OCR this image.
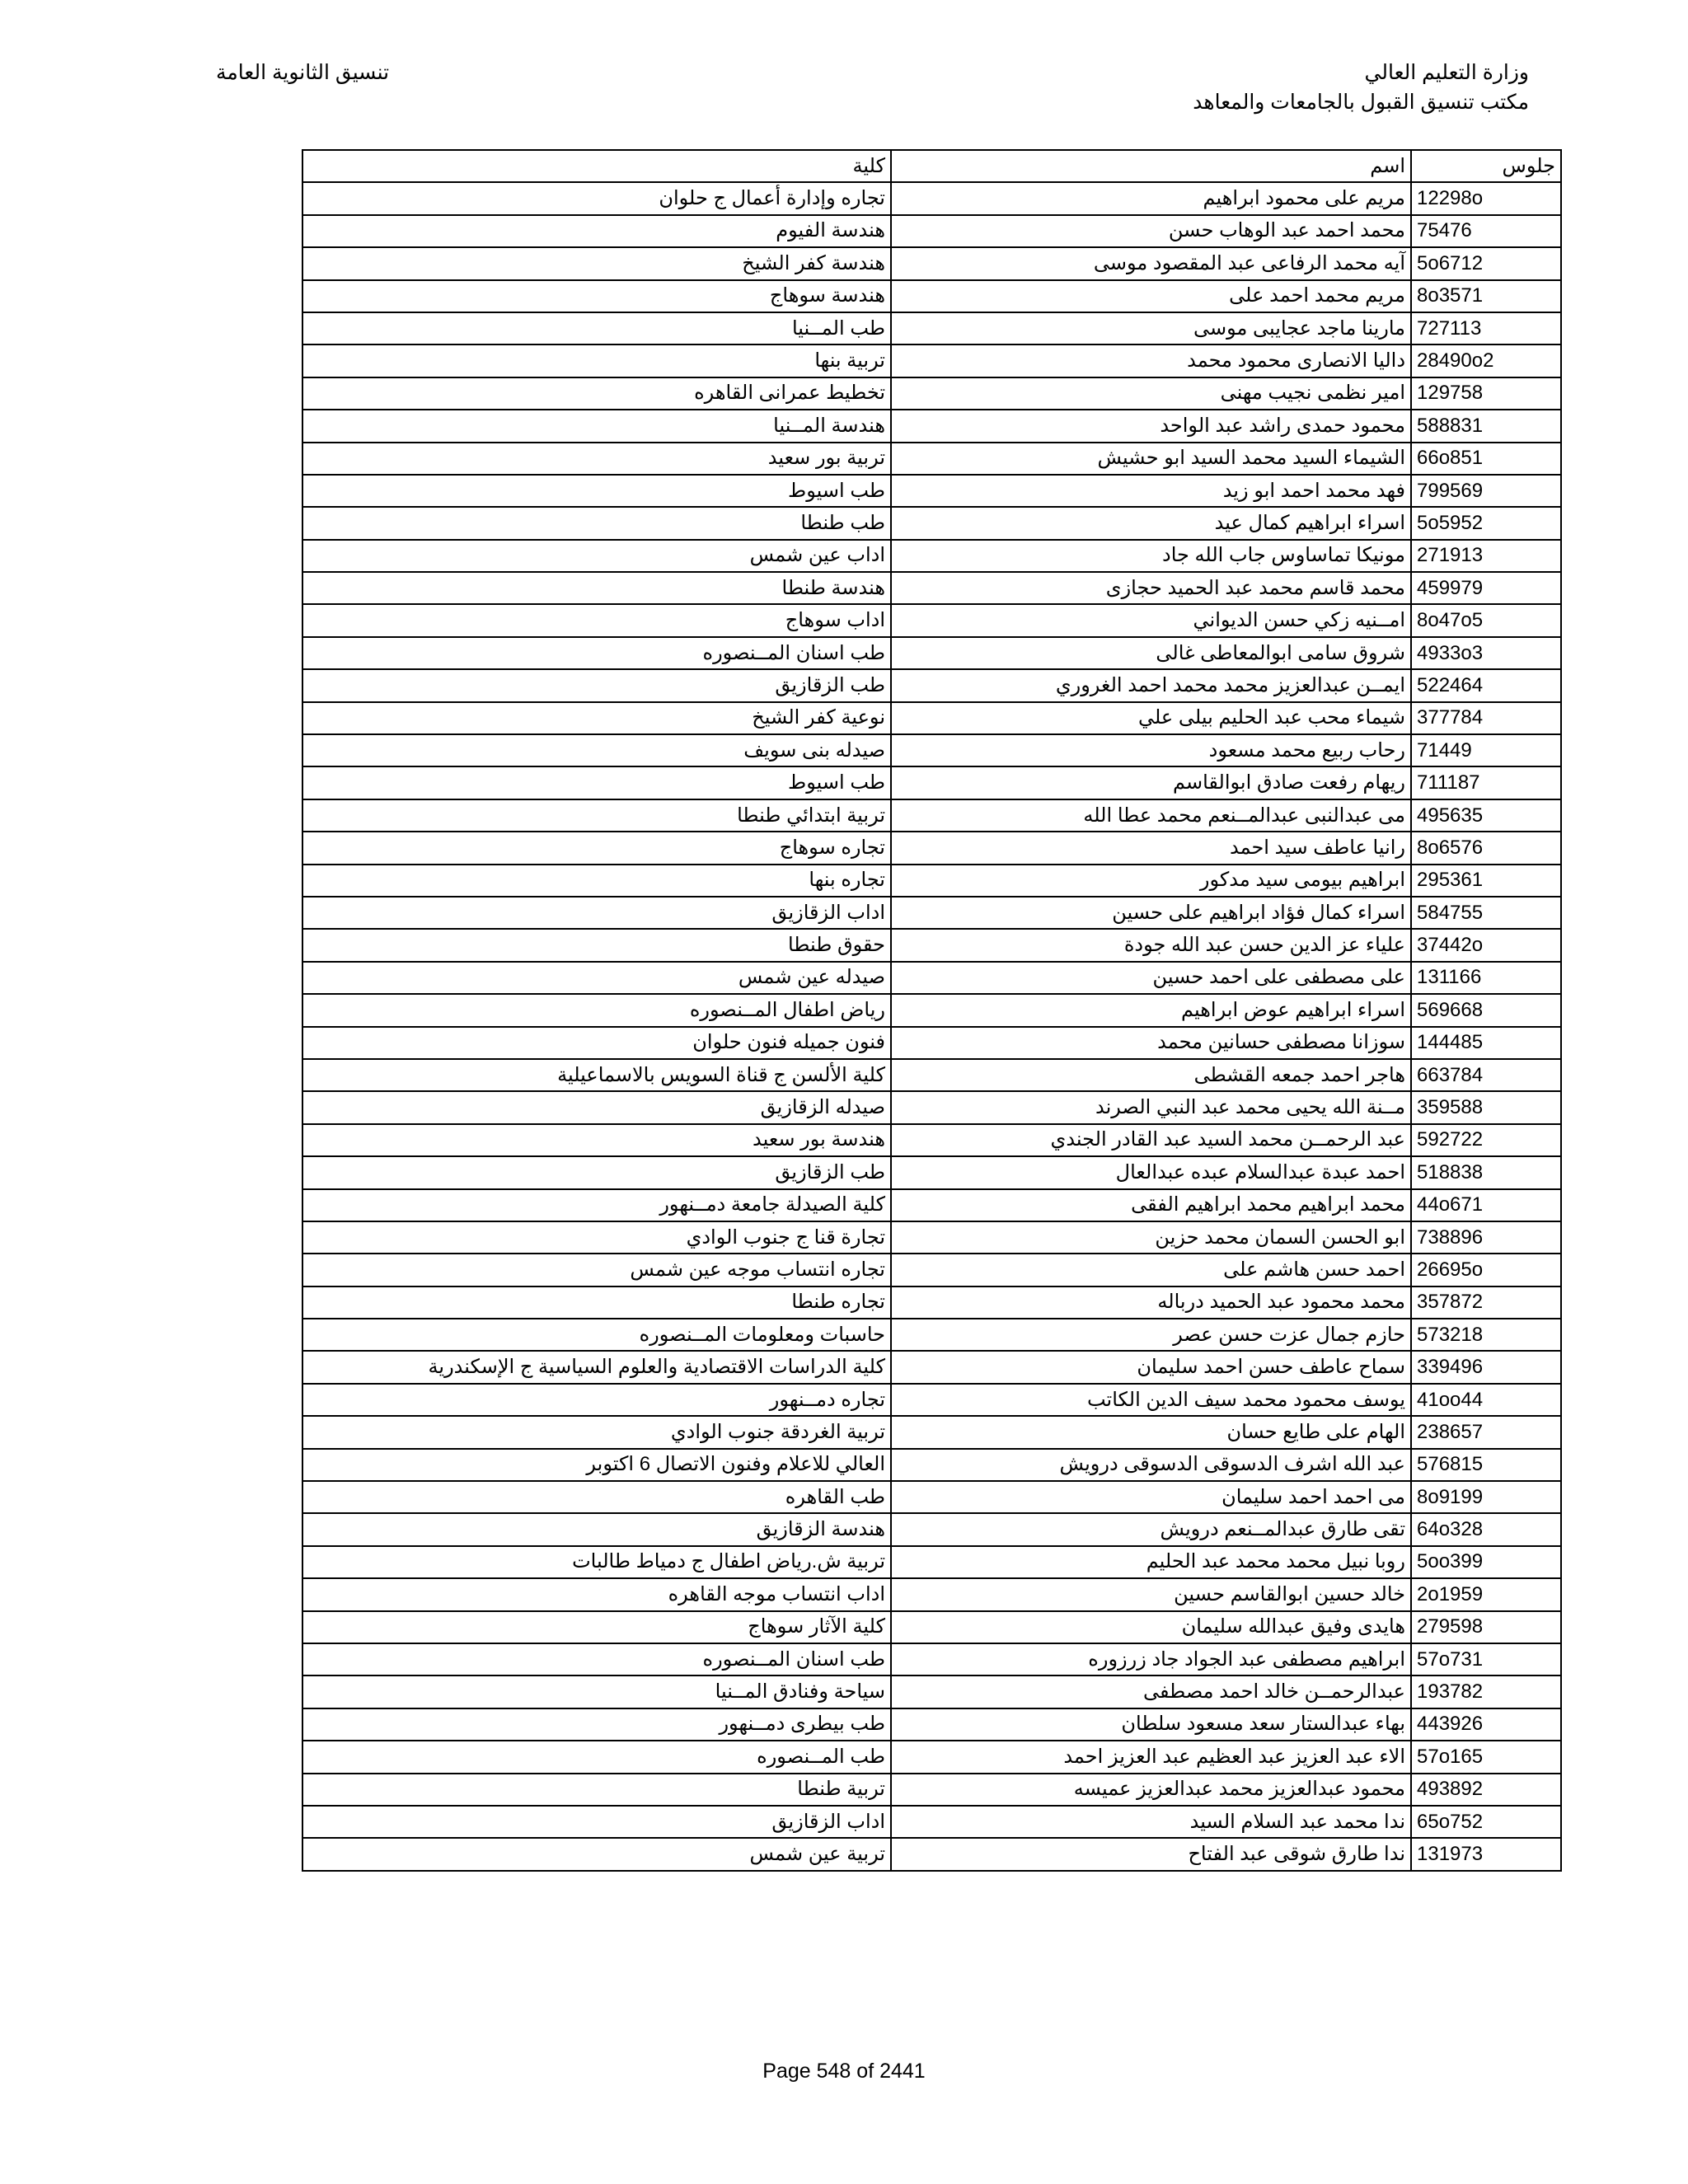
وزارة التعليم العالي
مكتب تنسيق القبول بالجامعات والمعاهد
تنسيق الثانوية العامة
كلية	اسم	جلوس
تجاره وإدارة أعمال ج حلوان	مريم على محمود ابراهيم	12298o
هندسة الفيوم	محمد احمد عبد الوهاب حسن	75476
هندسة كفر الشيخ	آيه محمد الرفاعى عبد المقصود موسى	5o6712
هندسة سوهاج	مريم محمد احمد على	8o3571
طب المــنيا	مارينا ماجد عجايبى موسى	727113
تربية بنها	داليا الانصارى محمود محمد	28490o2
تخطيط عمرانى القاهره	امير نظمى نجيب مهنى	129758
هندسة المــنيا	محمود حمدى راشد عبد الواحد	588831
تربية بور سعيد	الشيماء السيد محمد السيد ابو حشيش	66o851
طب اسيوط	فهد محمد احمد ابو زيد	799569
طب طنطا	اسراء ابراهيم كمال عيد	5o5952
اداب عين شمس	مونيكا تماساوس جاب الله جاد	271913
هندسة طنطا	محمد قاسم محمد عبد الحميد حجازى	459979
اداب سوهاج	امــنيه زكي حسن الديواني	8o47o5
طب اسنان المــنصوره	شروق سامى ابوالمعاطى غالى	4933o3
طب الزقازيق	ايمــن عبدالعزيز محمد محمد احمد الغروري	522464
نوعية كفر الشيخ	شيماء محب عبد الحليم بيلى علي	377784
صيدله بنى سويف	رحاب ربيع محمد مسعود	71449
طب اسيوط	ريهام رفعت صادق ابوالقاسم	711187
تربية ابتدائي طنطا	مى عبدالنبى عبدالمــنعم محمد عطا الله	495635
تجاره سوهاج	رانيا عاطف سيد احمد	8o6576
تجاره بنها	ابراهيم بيومى سيد مدكور	295361
اداب الزقازيق	اسراء كمال فؤاد ابراهيم على حسين	584755
حقوق طنطا	علياء عز الدين حسن عبد الله جودة	37442o
صيدله عين شمس	على مصطفى على احمد حسين	131166
رياض اطفال المــنصوره	اسراء ابراهيم عوض ابراهيم	569668
فنون جميله فنون حلوان	سوزانا مصطفى حسانين محمد	144485
كلية الألسن ج قناة السويس بالاسماعيلية	هاجر احمد جمعه القشطى	663784
صيدله الزقازيق	مــنة الله يحيى محمد عبد النبي الصرند	359588
هندسة بور سعيد	عبد الرحمــن محمد السيد عبد القادر الجندي	592722
طب الزقازيق	احمد عبدة عبدالسلام عبده عبدالعال	518838
كلية الصيدلة جامعة دمــنهور	محمد ابراهيم محمد ابراهيم الفقى	44o671
تجارة قنا ج جنوب الوادي	ابو الحسن السمان محمد حزين	738896
تجاره انتساب موجه عين شمس	احمد حسن هاشم على	26695o
تجاره طنطا	محمد محمود عبد الحميد درباله	357872
حاسبات ومعلومات المــنصوره	حازم جمال عزت حسن عصر	573218
كلية الدراسات الاقتصادية والعلوم السياسية ج الإسكندرية	سماح عاطف حسن احمد سليمان	339496
تجاره دمــنهور	يوسف محمود محمد سيف الدين الكاتب	41oo44
تربية الغردقة جنوب الوادي	الهام على طايع حسان	238657
العالي للاعلام وفنون الاتصال 6 اكتوبر	عبد الله اشرف الدسوقى الدسوقى درويش	576815
طب القاهره	مى احمد احمد سليمان	8o9199
هندسة الزقازيق	تقى طارق عبدالمــنعم درويش	64o328
تربية ش.رياض اطفال ج دمياط طالبات	روبا نبيل محمد محمد عبد الحليم	5oo399
اداب انتساب موجه القاهره	خالد حسين ابوالقاسم حسين	2o1959
كلية الآثار سوهاج	هايدى وفيق عبدالله سليمان	279598
طب اسنان المــنصوره	ابراهيم مصطفى عبد الجواد جاد زرزوره	57o731
سياحة وفنادق المــنيا	عبدالرحمــن خالد احمد مصطفى	193782
طب بيطرى دمــنهور	بهاء عبدالستار سعد مسعود سلطان	443926
طب المــنصوره	الاء عبد العزيز عبد العظيم عبد العزيز احمد	57o165
تربية طنطا	محمود عبدالعزيز محمد عبدالعزيز عميسه	493892
اداب الزقازيق	ندا محمد عبد السلام السيد	65o752
تربية عين شمس	ندا طارق شوقى عبد الفتاح	131973
Page 548 of 2441
